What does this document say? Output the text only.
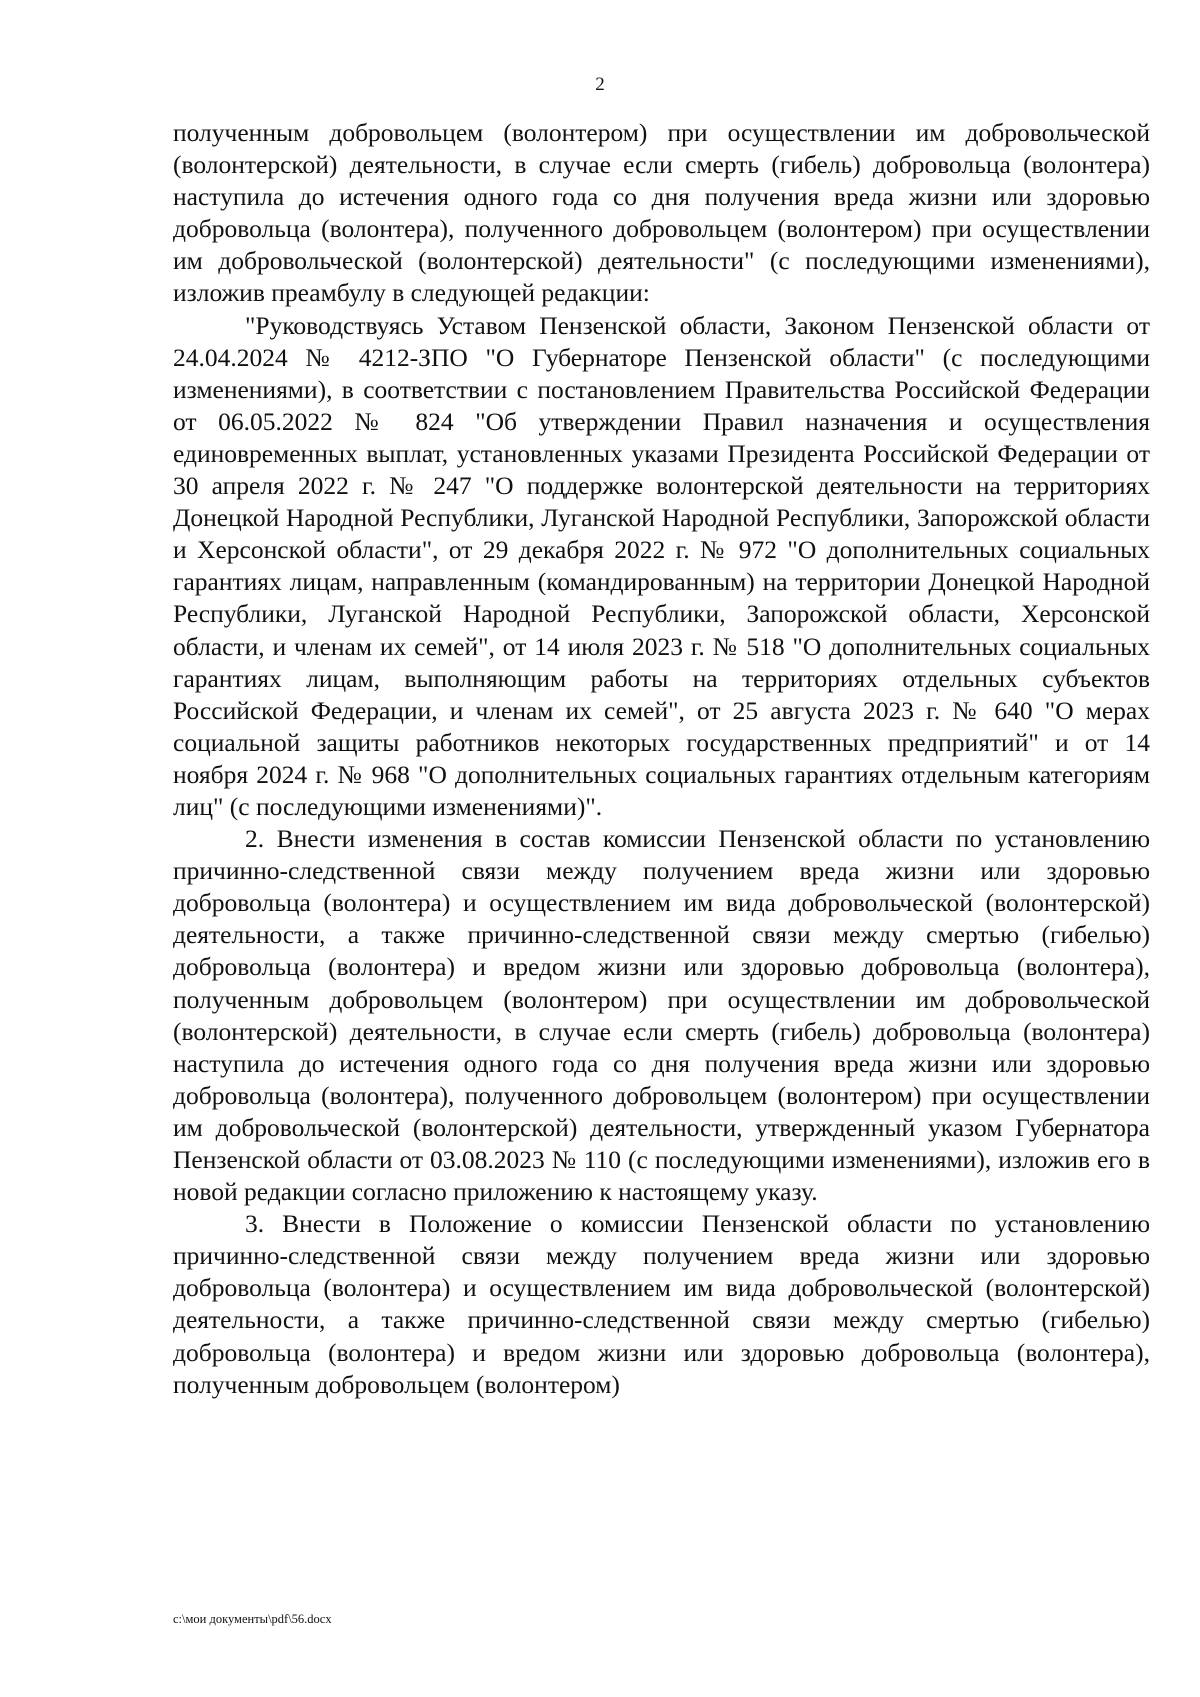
2

полученным добровольцем (волонтером) при осуществлении им добровольческой (волонтерской) деятельности, в случае если смерть (гибель) добровольца (волонтера) наступила до истечения одного года со дня получения вреда жизни или здоровью добровольца (волонтера), полученного добровольцем (волонтером) при осуществлении им добровольческой (волонтерской) деятельности" (с последующими изменениями), изложив преамбулу в следующей редакции:

"Руководствуясь Уставом Пензенской области, Законом Пензенской области от 24.04.2024 № 4212-ЗПО "О Губернаторе Пензенской области" (с последующими изменениями), в соответствии с постановлением Правительства Российской Федерации от 06.05.2022 № 824 "Об утверждении Правил назначения и осуществления единовременных выплат, установленных указами Президента Российской Федерации от 30 апреля 2022 г. № 247 "О поддержке волонтерской деятельности на территориях Донецкой Народной Республики, Луганской Народной Республики, Запорожской области и Херсонской области", от 29 декабря 2022 г. № 972 "О дополнительных социальных гарантиях лицам, направленным (командированным) на территории Донецкой Народной Республики, Луганской Народной Республики, Запорожской области, Херсонской области, и членам их семей", от 14 июля 2023 г. № 518 "О дополнительных социальных гарантиях лицам, выполняющим работы на территориях отдельных субъектов Российской Федерации, и членам их семей", от 25 августа 2023 г. № 640 "О мерах социальной защиты работников некоторых государственных предприятий" и от 14 ноября 2024 г. № 968 "О дополнительных социальных гарантиях отдельным категориям лиц" (с последующими изменениями)".

2. Внести изменения в состав комиссии Пензенской области по установлению причинно-следственной связи между получением вреда жизни или здоровью добровольца (волонтера) и осуществлением им вида добровольческой (волонтерской) деятельности, а также причинно-следственной связи между смертью (гибелью) добровольца (волонтера) и вредом жизни или здоровью добровольца (волонтера), полученным добровольцем (волонтером) при осуществлении им добровольческой (волонтерской) деятельности, в случае если смерть (гибель) добровольца (волонтера) наступила до истечения одного года со дня получения вреда жизни или здоровью добровольца (волонтера), полученного добровольцем (волонтером) при осуществлении им добровольческой (волонтерской) деятельности, утвержденный указом Губернатора Пензенской области от 03.08.2023 № 110 (с последующими изменениями), изложив его в новой редакции согласно приложению к настоящему указу.

3. Внести в Положение о комиссии Пензенской области по установлению причинно-следственной связи между получением вреда жизни или здоровью добровольца (волонтера) и осуществлением им вида добровольческой (волонтерской) деятельности, а также причинно-следственной связи между смертью (гибелью) добровольца (волонтера) и вредом жизни или здоровью добровольца (волонтера), полученным добровольцем (волонтером)

c:\мои документы\pdf\56.docx
